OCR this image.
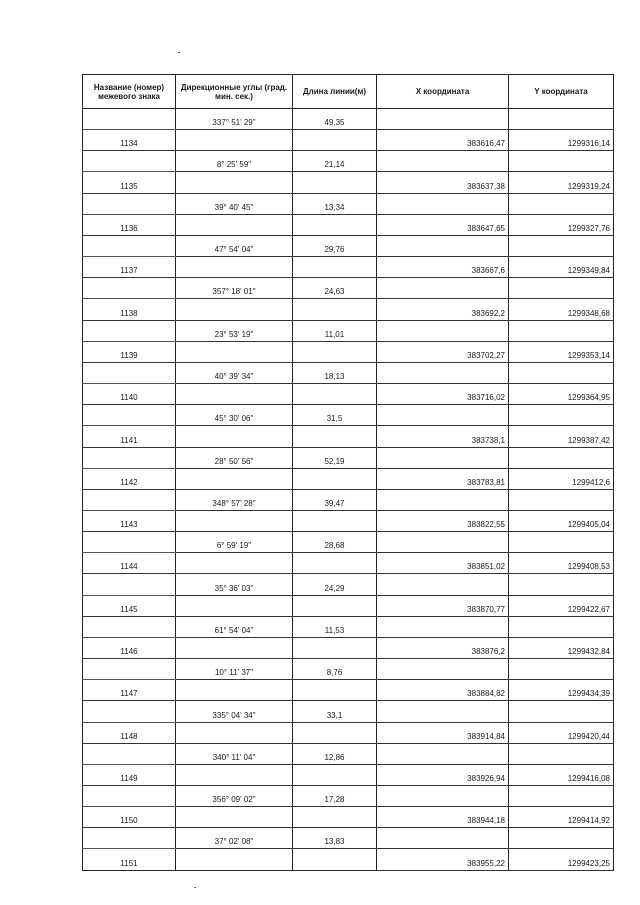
Название (номер) межевого знака	Дирекционные углы (град. мин. сек.)	Длина линии(м)	X координата	Y координата
	337° 51' 29"	49,35		
1134			383616,47	1299316,14
	8° 25' 59"	21,14		
1135			383637,38	1299319,24
	39° 40' 45"	13,34		
1136			383647,65	1299327,76
	47° 54' 04"	29,76		
1137			383667,6	1299349,84
	357° 18' 01"	24,63		
1138			383692,2	1299348,68
	23° 53' 19"	11,01		
1139			383702,27	1299353,14
	40° 39' 34"	18,13		
1140			383716,02	1299364,95
	45° 30' 06"	31,5		
1141			383738,1	1299387,42
	28° 50' 56"	52,19		
1142			383783,81	1299412,6
	348° 57' 28"	39,47		
1143			383822,55	1299405,04
	6° 59' 19"	28,68		
1144			383851,02	1299408,53
	35° 36' 03"	24,29		
1145			383870,77	1299422,67
	61° 54' 04"	11,53		
1146			383876,2	1299432,84
	10° 11' 37"	8,76		
1147			383884,82	1299434,39
	335° 04' 34"	33,1		
1148			383914,84	1299420,44
	340° 11' 04"	12,86		
1149			383926,94	1299416,08
	356° 09' 02"	17,28		
1150			383944,18	1299414,92
	37° 02' 08"	13,83		
1151			383955,22	1299423,25
